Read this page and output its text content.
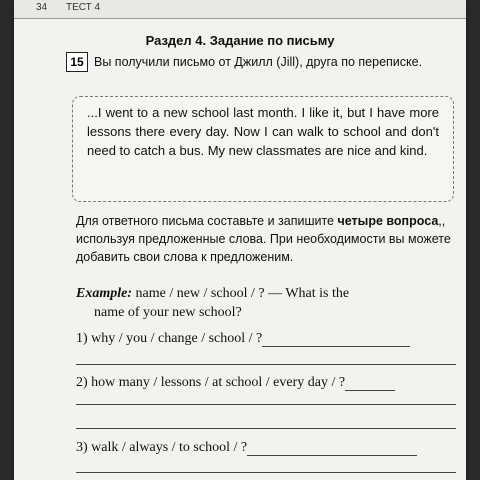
34 ТЕСТ 4
Раздел 4. Задание по письму
15 Вы получили письмо от Джилл (Jill), друга по переписке.
...I went to a new school last month. I like it, but I have more lessons there every day. Now I can walk to school and don't need to catch a bus. My new classmates are nice and kind.
Для ответного письма составьте и запишите четыре вопроса,, используя предложенные слова. При необходимости вы можете добавить свои слова к предложеним.
Example: name / new / school / ? — What is the
name of your new school?
1) why / you / change / school / ?
2) how many / lessons / at school / every day / ?
3) walk / always / to school / ?
